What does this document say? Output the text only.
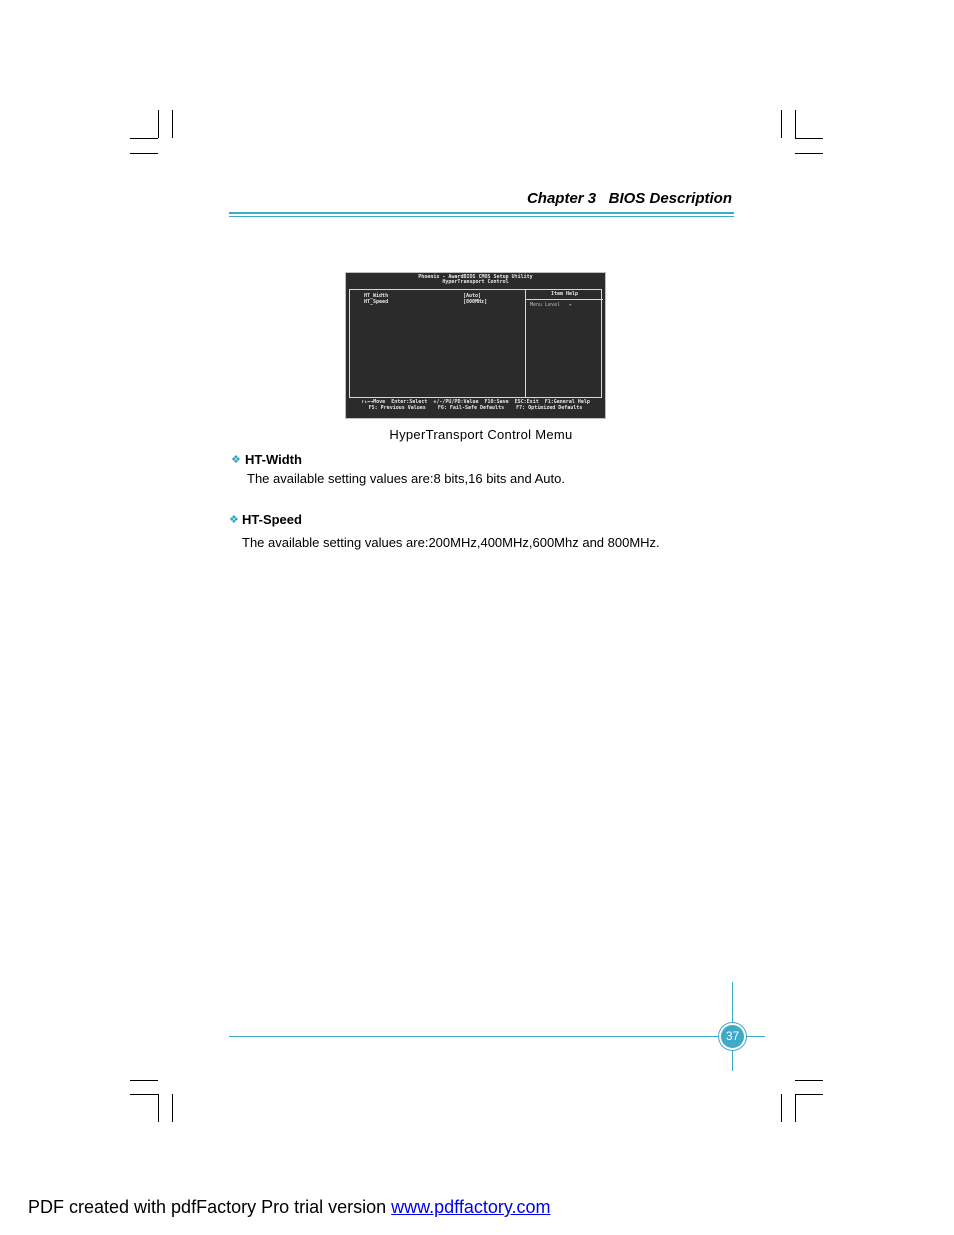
Chapter 3   BIOS Description
Phoenix - AwardBIOS CMOS Setup Utility
HyperTransport Control
HT_Width	[Auto]
HT_Speed	[800MHz]
Item Help
Menu Level   ▸
↑↓←→Move  Enter:Select  +/-/PU/PD:Value  F10:Save  ESC:Exit  F1:General Help
F5: Previous Values    F6: Fail-Safe Defaults    F7: Optimized Defaults
HyperTransport Control Memu
❖ HT-Width
The available setting values are:8 bits,16 bits and Auto.
❖ HT-Speed
The available setting values are:200MHz,400MHz,600Mhz and 800MHz.
37
PDF created with pdfFactory Pro trial version www.pdffactory.com
